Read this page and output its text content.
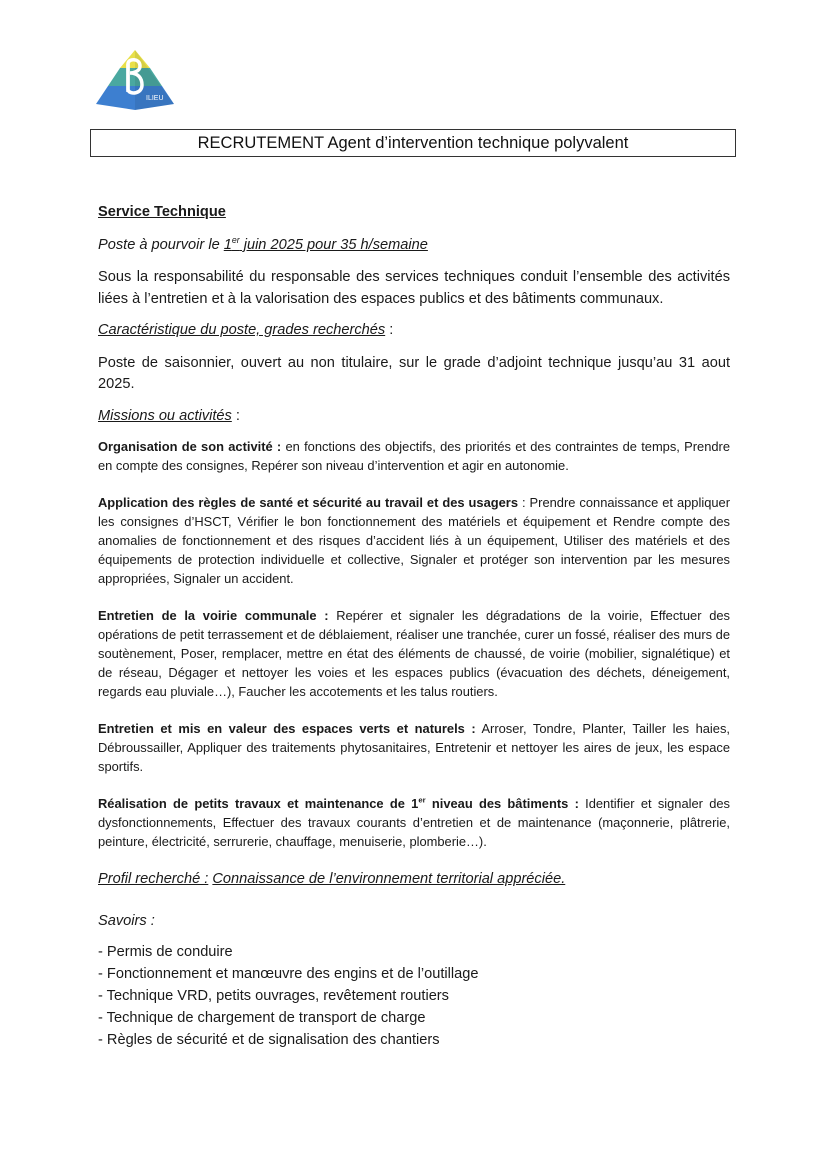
ILIEU
RECRUTEMENT Agent d’intervention technique polyvalent

Service Technique

Poste à pourvoir le 1er juin 2025 pour 35 h/semaine

Sous la responsabilité du responsable des services techniques conduit l’ensemble des activités liées à l’entretien et à la valorisation des espaces publics et des bâtiments communaux.

Caractéristique du poste, grades recherchés :

Poste de saisonnier, ouvert au non titulaire, sur le grade d’adjoint technique jusqu’au 31 aout 2025.

Missions ou activités :

Organisation de son activité : en fonctions des objectifs, des priorités et des contraintes de temps, Prendre en compte des consignes, Repérer son niveau d’intervention et agir en autonomie.

Application des règles de santé et sécurité au travail et des usagers : Prendre connaissance et appliquer les consignes d’HSCT, Vérifier le bon fonctionnement des matériels et équipement et Rendre compte des anomalies de fonctionnement et des risques d’accident liés à un équipement, Utiliser des matériels et des équipements de protection individuelle et collective, Signaler et protéger son intervention par les mesures appropriées, Signaler un accident.

Entretien de la voirie communale : Repérer et signaler les dégradations de la voirie, Effectuer des opérations de petit terrassement et de déblaiement, réaliser une tranchée, curer un fossé, réaliser des murs de soutènement, Poser, remplacer, mettre en état des éléments de chaussé, de voirie (mobilier, signalétique) et de réseau, Dégager et nettoyer les voies et les espaces publics (évacuation des déchets, déneigement, regards eau pluviale…), Faucher les accotements et les talus routiers.

Entretien et mis en valeur des espaces verts et naturels : Arroser, Tondre, Planter, Tailler les haies, Débroussailler, Appliquer des traitements phytosanitaires, Entretenir et nettoyer les aires de jeux, les espace sportifs.

Réalisation de petits travaux et maintenance de 1er niveau des bâtiments : Identifier et signaler des dysfonctionnements, Effectuer des travaux courants d’entretien et de maintenance (maçonnerie, plâtrerie, peinture, électricité, serrurerie, chauffage, menuiserie, plomberie…).

Profil recherché : Connaissance de l’environnement territorial appréciée.

Savoirs :

- Permis de conduire

- Fonctionnement et manœuvre des engins et de l’outillage

- Technique VRD, petits ouvrages, revêtement routiers

- Technique de chargement de transport de charge

- Règles de sécurité et de signalisation des chantiers
